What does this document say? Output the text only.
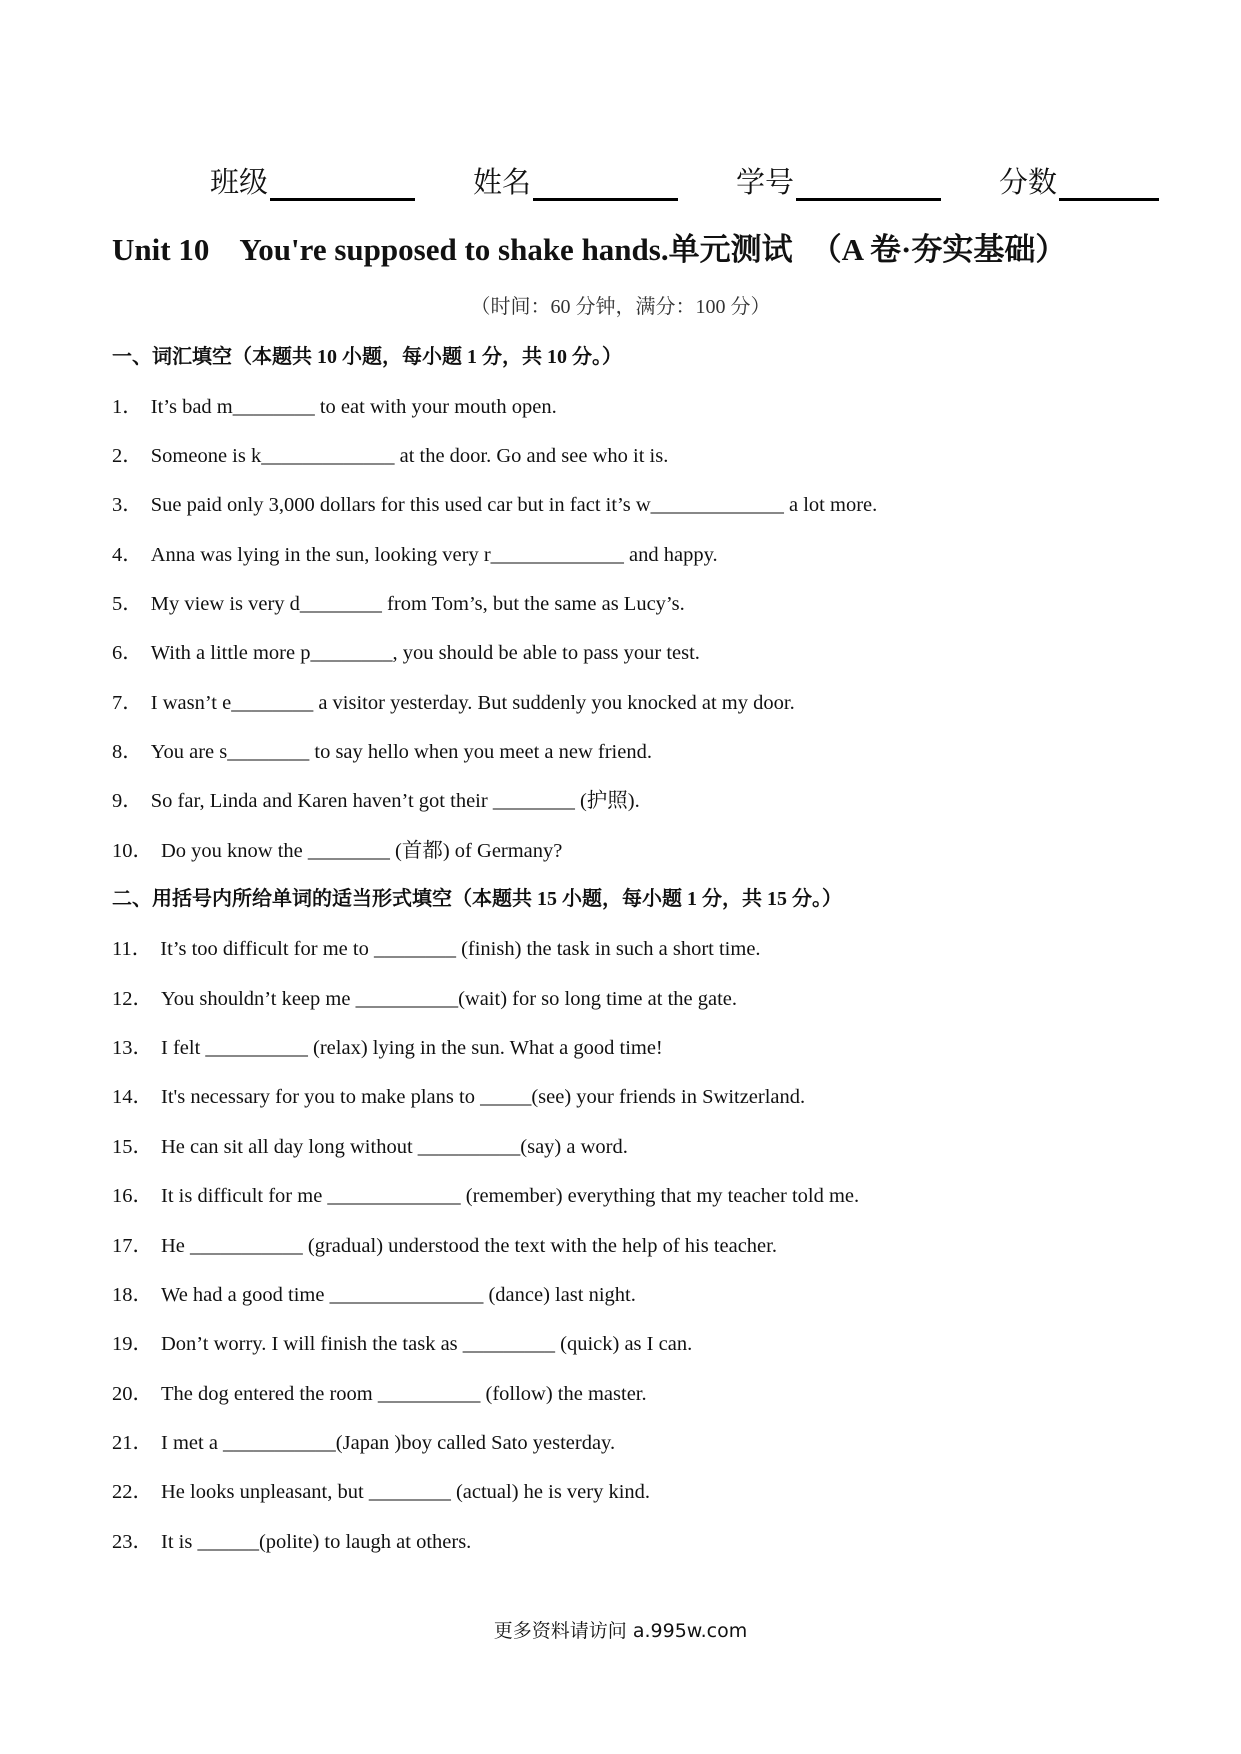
班级	姓名	学号	分数
Unit 10 You're supposed to shake hands.单元测试 （A 卷·夯实基础）
（时间：60 分钟，满分：100 分）
一、词汇填空（本题共 10 小题，每小题 1 分，共 10 分。）
1． It’s bad m________ to eat with your mouth open.
2． Someone is k_____________ at the door. Go and see who it is.
3． Sue paid only 3,000 dollars for this used car but in fact it’s w_____________ a lot more.
4． Anna was lying in the sun, looking very r_____________ and happy.
5． My view is very d________ from Tom’s, but the same as Lucy’s.
6． With a little more p________, you should be able to pass your test.
7． I wasn’t e________ a visitor yesterday. But suddenly you knocked at my door.
8． You are s________ to say hello when you meet a new friend.
9． So far, Linda and Karen haven’t got their ________ (护照).
10． Do you know the ________ (首都) of Germany?
二、用括号内所给单词的适当形式填空（本题共 15 小题，每小题 1 分，共 15 分。）
11． It’s too difficult for me to ________ (finish) the task in such a short time.
12． You shouldn’t keep me __________(wait) for so long time at the gate.
13． I felt __________ (relax) lying in the sun. What a good time!
14． It's necessary for you to make plans to _____(see) your friends in Switzerland.
15． He can sit all day long without __________(say) a word.
16． It is difficult for me _____________ (remember) everything that my teacher told me.
17． He ___________ (gradual) understood the text with the help of his teacher.
18． We had a good time _______________ (dance) last night.
19． Don’t worry. I will finish the task as _________ (quick) as I can.
20． The dog entered the room __________ (follow) the master.
21． I met a ___________(Japan )boy called Sato yesterday.
22． He looks unpleasant, but ________ (actual) he is very kind.
23． It is ______(polite) to laugh at others.
更多资料请访问 a.995w.com
